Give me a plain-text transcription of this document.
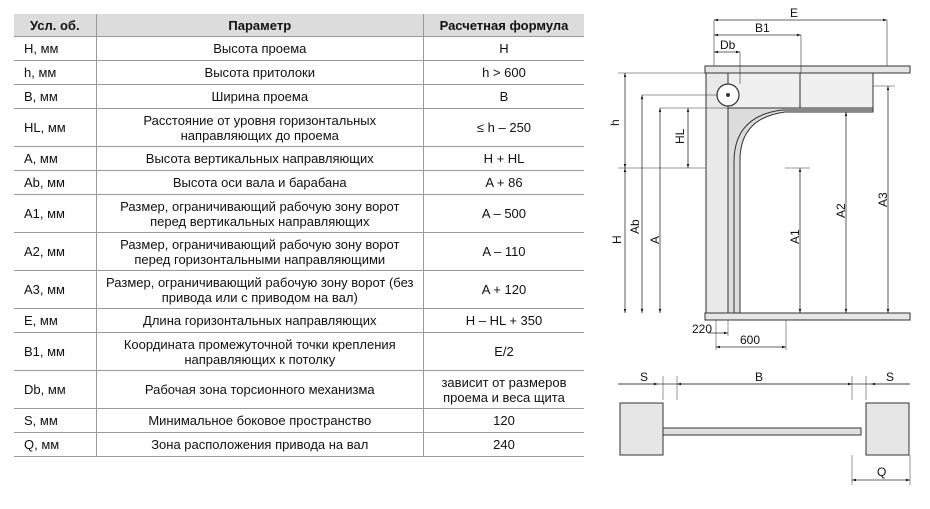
Усл. об.	Параметр	Расчетная формула
H, мм	Высота проема	H
h, мм	Высота притолоки	h > 600
B, мм	Ширина проема	B
HL, мм	Расстояние от уровня горизонтальных направляющих до проема	≤ h – 250
A, мм	Высота вертикальных направляющих	H + HL
Ab, мм	Высота оси вала и барабана	A + 86
A1, мм	Размер, ограничивающий рабочую зону ворот перед вертикальных направляющих	A – 500
A2, мм	Размер, ограничивающий рабочую зону ворот перед горизонтальными направляющими	A – 110
A3, мм	Размер, ограничивающий рабочую зону ворот (без привода или с приводом на вал)	A + 120
E, мм	Длина горизонтальных направляющих	H – HL + 350
B1, мм	Координата промежуточной точки крепления направляющих к потолку	E/2
Db, мм	Рабочая зона торсионного механизма	зависит от размеров проема и веса щита
S, мм	Минимальное боковое пространство	120
Q, мм	Зона расположения привода на вал	240
E
B1
Db
h
H
Ab
A
HL
A1
A2
A3
220
600
S	B	S
Q
